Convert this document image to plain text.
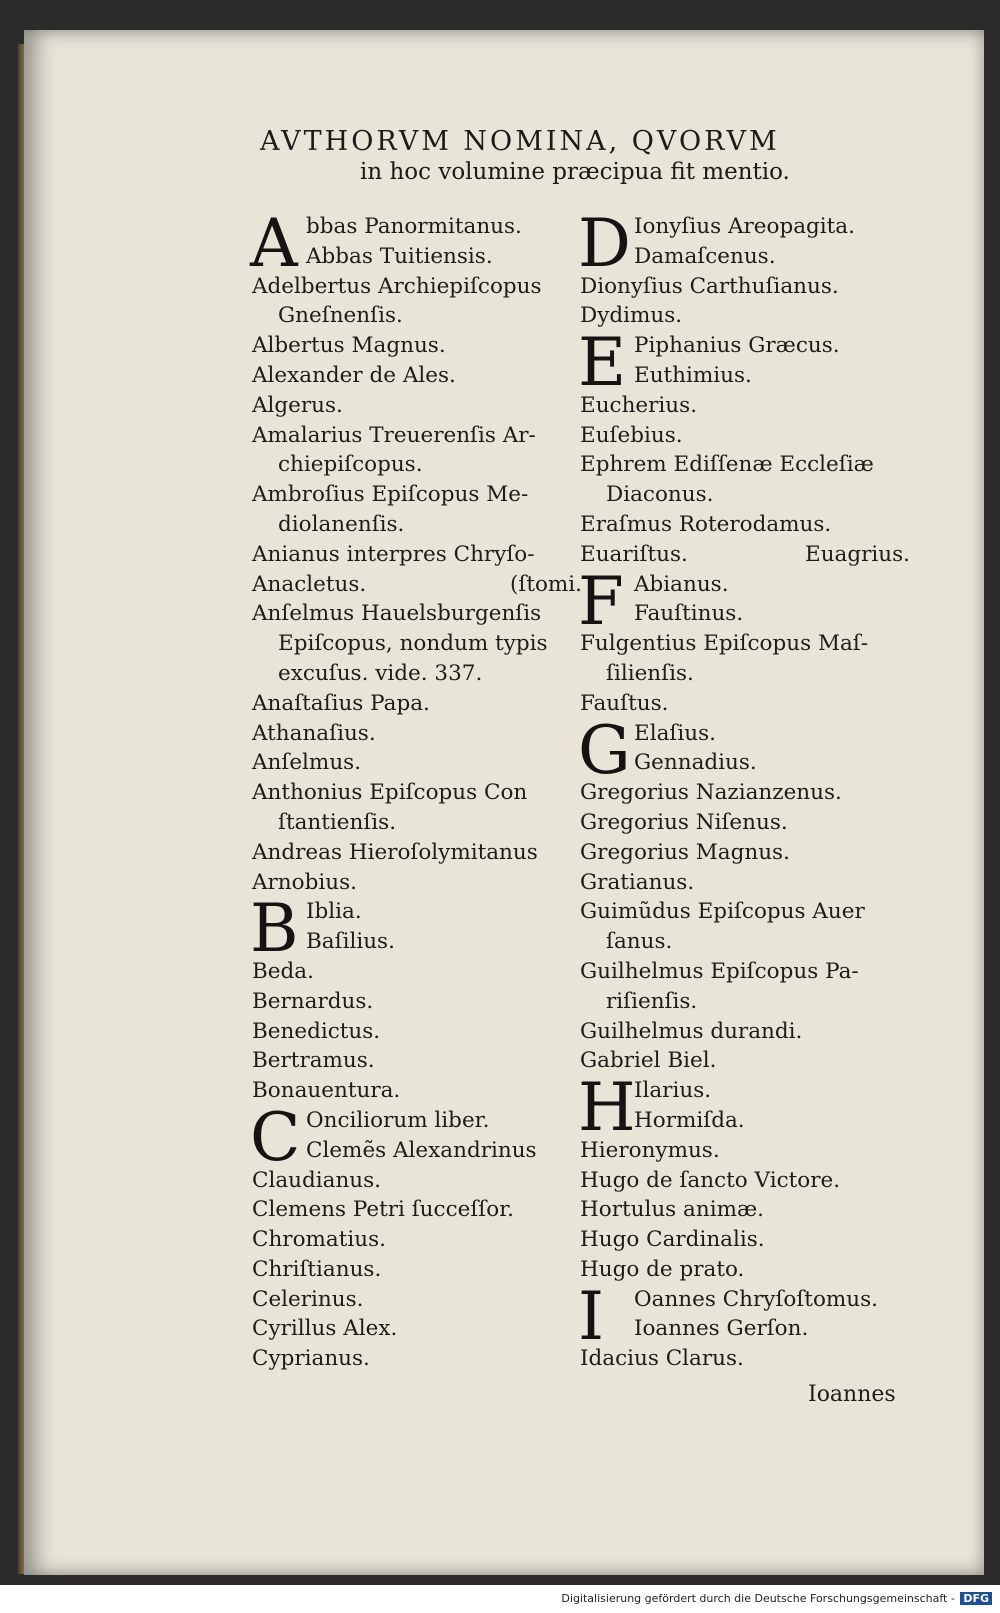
AVTHORVM NOMINA, QVORVM
in hoc volumine præcipua fit mentio.
A bbas Panormitanus.
Abbas Tuitiensis.
Adelbertus Archiepiſcopus
Gneſnenſis.
Albertus Magnus.
Alexander de Ales.
Algerus.
Amalarius Treuerenſis Ar-
chiepiſcopus.
Ambroſius Epiſcopus Me-
diolanenſis.
Anianus interpres Chryſo-
Anacletus.	(ſtomi.
Anſelmus Hauelsburgenſis
Epiſcopus, nondum typis
excuſus. vide. 337.
Anaſtaſius Papa.
Athanaſius.
Anſelmus.
Anthonius Epiſcopus Con
ſtantienſis.
Andreas Hieroſolymitanus
Arnobius.
B Iblia.
Baſilius.
Beda.
Bernardus.
Benedictus.
Bertramus.
Bonauentura.
C Onciliorum liber.
Clemẽs Alexandrinus
Claudianus.
Clemens Petri ſucceſſor.
Chromatius.
Chriſtianus.
Celerinus.
Cyrillus Alex.
Cyprianus.
D Ionyſius Areopagita.
Damaſcenus.
Dionyſius Carthuſianus.
Dydimus.
E Piphanius Græcus.
Euthimius.
Eucherius.
Euſebius.
Ephrem Ediſſenæ Eccleſiæ
Diaconus.
Eraſmus Roterodamus.
Euariſtus.	Euagrius.
F Abianus.
Fauſtinus.
Fulgentius Epiſcopus Maſ-
ſilienſis.
Fauſtus.
G Elaſius.
Gennadius.
Gregorius Nazianzenus.
Gregorius Niſenus.
Gregorius Magnus.
Gratianus.
Guimũdus Epiſcopus Auer
ſanus.
Guilhelmus Epiſcopus Pa-
riſienſis.
Guilhelmus durandi.
Gabriel Biel.
H
Ilarius.
Hormiſda.
Hieronymus.
Hugo de ſancto Victore.
Hortulus animæ.
Hugo Cardinalis.
Hugo de prato.
I Oannes Chryſoſtomus.
Ioannes Gerſon.
Idacius Clarus.
Ioannes
Digitalisierung gefördert durch die Deutsche Forschungsgemeinschaft - DFG
